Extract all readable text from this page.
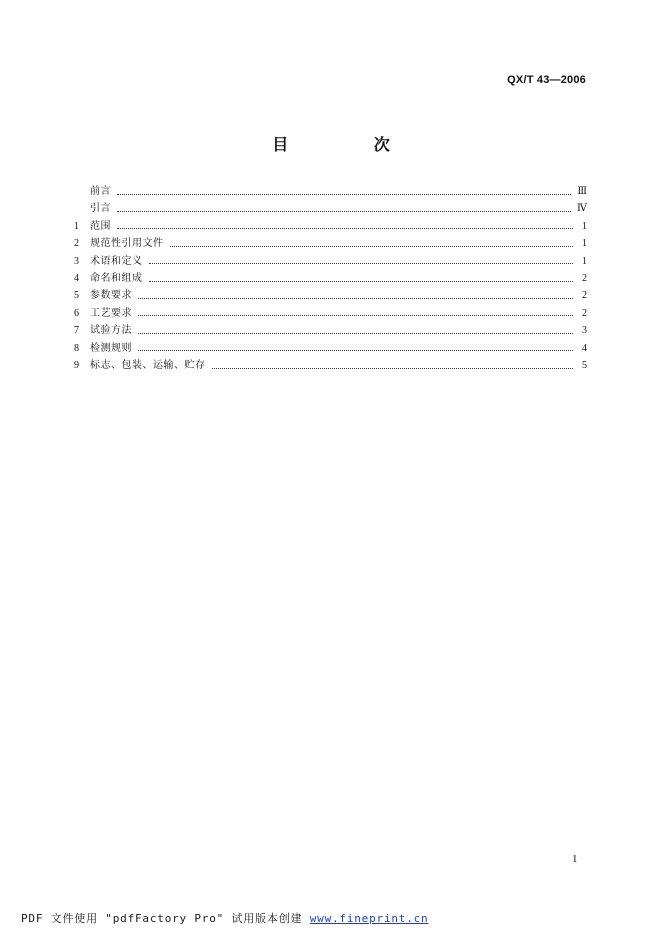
QX/T 43—2006
目 次
前言	Ⅲ
引言	Ⅳ
1	范围	1
2	规范性引用文件	1
3	术语和定义	1
4	命名和组成	2
5	参数要求	2
6	工艺要求	2
7	试验方法	3
8	检测规则	4
9	标志、包装、运输、贮存	5
1
PDF 文件使用 "pdfFactory Pro" 试用版本创建 www.fineprint.cn
